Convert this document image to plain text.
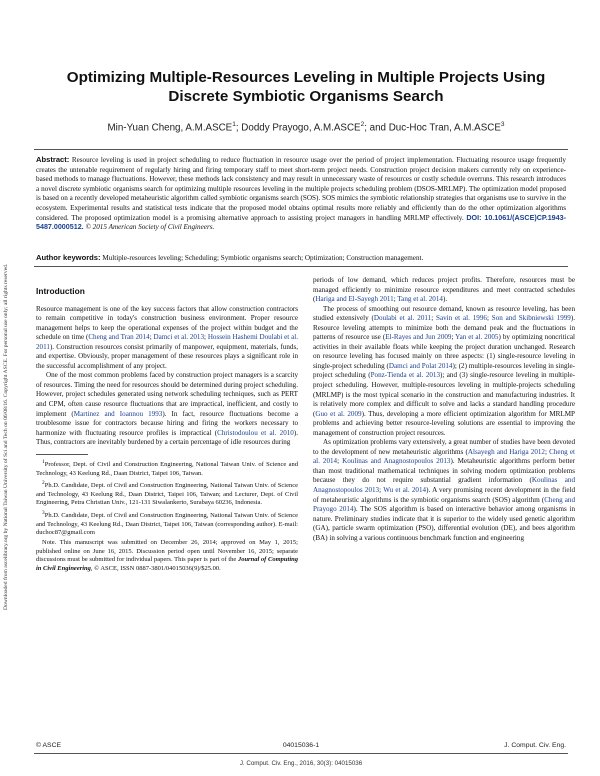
Downloaded from ascelibrary.org by National Taiwan University of Sci and Tech on 06/08/16. Copyright ASCE. For personal use only; all rights reserved.
Optimizing Multiple-Resources Leveling in Multiple Projects Using Discrete Symbiotic Organisms Search
Min-Yuan Cheng, A.M.ASCE$^1$; Doddy Prayogo, A.M.ASCE$^2$; and Duc-Hoc Tran, A.M.ASCE$^3$
Abstract: Resource leveling is used in project scheduling to reduce fluctuation in resource usage over the period of project implementation. Fluctuating resource usage frequently creates the untenable requirement of regularly hiring and firing temporary staff to meet short-term project needs. Construction project decision makers currently rely on experience-based methods to manage fluctuations. However, these methods lack consistency and may result in unnecessary waste of resources or costly schedule overruns. This research introduces a novel discrete symbiotic organisms search for optimizing multiple resources leveling in the multiple projects scheduling problem (DSOS-MRLMP). The optimization model proposed is based on a recently developed metaheuristic algorithm called symbiotic organisms search (SOS). SOS mimics the symbiotic relationship strategies that organisms use to survive in the ecosystem. Experimental results and statistical tests indicate that the proposed model obtains optimal results more reliably and efficiently than do the other optimization algorithms considered. The proposed optimization model is a promising alternative approach to assisting project managers in handling MRLMP effectively. DOI: 10.1061/(ASCE)CP.1943-5487.0000512. © 2015 American Society of Civil Engineers.
Author keywords: Multiple-resources leveling; Scheduling; Symbiotic organisms search; Optimization; Construction management.
Introduction

Resource management is one of the key success factors that allow construction contractors to remain competitive in today's construction business environment. Proper resource management helps to keep the operational expenses of the project within budget and the schedule on time (Cheng and Tran 2014; Damci et al. 2013; Hossein Hashemi Doulabi et al. 2011). Construction resources consist primarily of manpower, equipment, materials, funds, and expertise. Obviously, proper management of these resources plays a significant role in the successful accomplishment of any project.

One of the most common problems faced by construction project managers is a scarcity of resources. Timing the need for resources should be determined during project scheduling. However, project schedules generated using network scheduling techniques, such as PERT and CPM, often cause resource fluctuations that are impractical, inefficient, and costly to implement (Martinez and Ioannou 1993). In fact, resource fluctuations become a troublesome issue for contractors because hiring and firing the workers necessary to harmonize with fluctuating resource profiles is impractical (Christodoulou et al. 2010). Thus, contractors are inevitably burdened by a certain percentage of idle resources during

$^1$Professor, Dept. of Civil and Construction Engineering, National Taiwan Univ. of Science and Technology, 43 Keelung Rd., Daan District, Taipei 106, Taiwan.

$^2$Ph.D. Candidate, Dept. of Civil and Construction Engineering, National Taiwan Univ. of Science and Technology, 43 Keelung Rd., Daan District, Taipei 106, Taiwan; and Lecturer, Dept. of Civil Engineering, Petra Christian Univ., 121-131 Siwalankerto, Surabaya 60236, Indonesia.

$^3$Ph.D. Candidate, Dept. of Civil and Construction Engineering, National Taiwan Univ. of Science and Technology, 43 Keelung Rd., Daan District, Taipei 106, Taiwan (corresponding author). E-mail: duchoc87@gmail.com

Note. This manuscript was submitted on December 26, 2014; approved on May 1, 2015; published online on June 16, 2015. Discussion period open until November 16, 2015; separate discussions must be submitted for individual papers. This paper is part of the Journal of Computing in Civil Engineering, © ASCE, ISSN 0887-3801/04015036(9)/$25.00.

periods of low demand, which reduces project profits. Therefore, resources must be managed efficiently to minimize resource expenditures and meet contracted schedules (Hariga and El-Sayegh 2011; Tang et al. 2014).

The process of smoothing out resource demand, known as resource leveling, has been studied extensively (Doulabi et al. 2011; Savin et al. 1996; Son and Skibniewski 1999). Resource leveling attempts to minimize both the demand peak and the fluctuations in patterns of resource use (El-Rayes and Jun 2009; Yan et al. 2005) by optimizing noncritical activities in their available floats while keeping the project duration unchanged. Research on resource leveling has focused mainly on three aspects: (1) single-resource leveling in single-project scheduling (Damci and Polat 2014); (2) multiple-resources leveling in single-project scheduling (Ponz-Tienda et al. 2013); and (3) single-resource leveling in multiple-project scheduling. However, multiple-resources leveling in multiple-projects scheduling (MRLMP) is the most typical scenario in the construction and manufacturing industries. It is relatively more complex and difficult to solve and lacks a standard handling procedure (Guo et al. 2009). Thus, developing a more efficient optimization algorithm for MRLMP problems and achieving better resource-leveling solutions are essential to improving the management of construction project resources.

As optimization problems vary extensively, a great number of studies have been devoted to the development of new metaheuristic algorithms (Alsayegh and Hariga 2012; Cheng et al. 2014; Koulinas and Anagnostopoulos 2013). Metaheuristic algorithms perform better than most traditional mathematical techniques in solving modern optimization problems because they do not require substantial gradient information (Koulinas and Anagnostopoulos 2013; Wu et al. 2014). A very promising recent development in the field of metaheuristic algorithms is the symbiotic organisms search (SOS) algorithm (Cheng and Prayogo 2014). The SOS algorithm is based on interactive behavior among organisms in nature. Preliminary studies indicate that it is superior to the widely used genetic algorithm (GA), particle swarm optimization (PSO), differential evolution (DE), and bees algorithm (BA) in solving a various continuous benchmark function and engineering

© ASCE	04015036-1	J. Comput. Civ. Eng.
J. Comput. Civ. Eng., 2016, 30(3): 04015036
